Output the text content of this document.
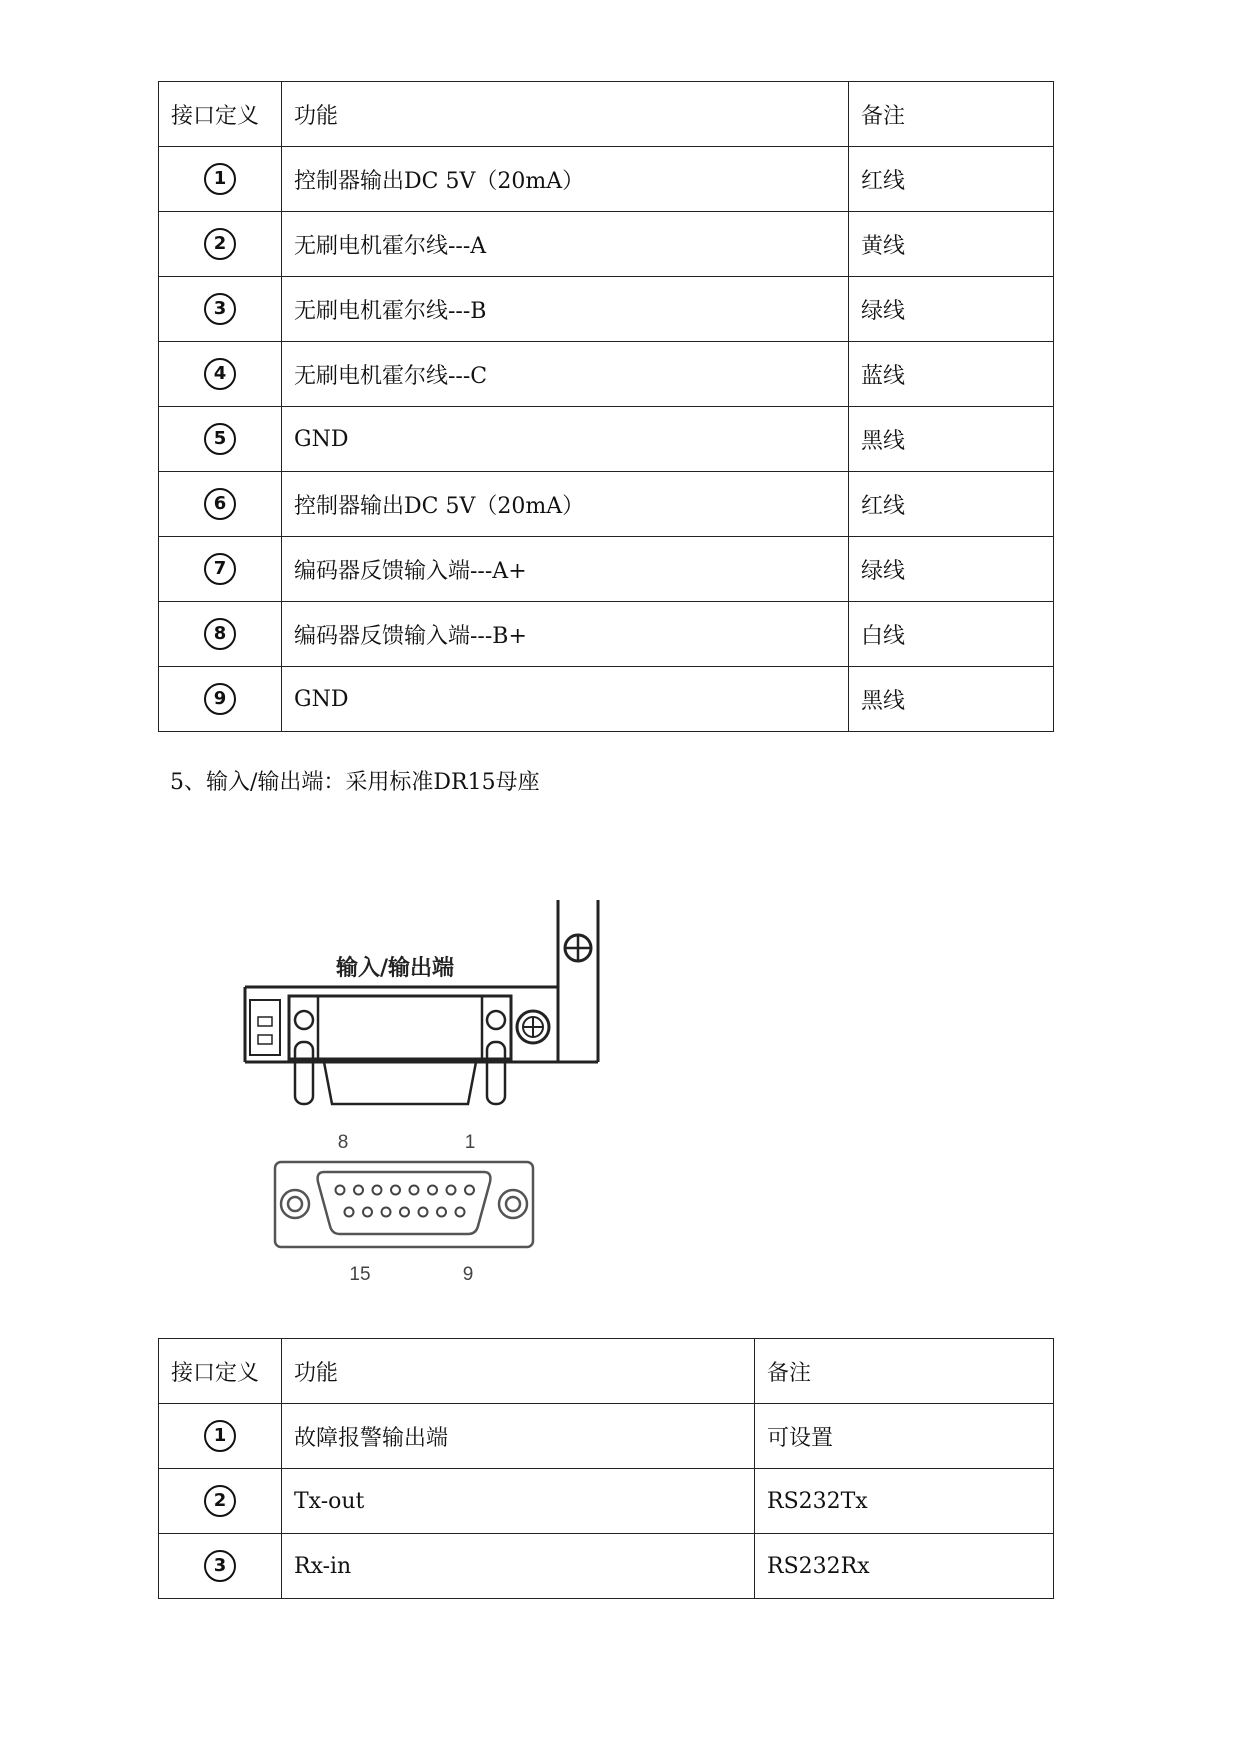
接口定义	功能	备注
1	控制器输出DC 5V（20mA）	红线
2	无刷电机霍尔线---A	黄线
3	无刷电机霍尔线---B	绿线
4	无刷电机霍尔线---C	蓝线
5	GND	黑线
6	控制器输出DC 5V（20mA）	红线
7	编码器反馈输入端---A+	绿线
8	编码器反馈输入端---B+	白线
9	GND	黑线
5、输入/输出端：采用标准DR15母座
输入/输出端
8	1
15	9
接口定义	功能	备注
1	故障报警输出端	可设置
2	Tx-out	RS232Tx
3	Rx-in	RS232Rx
